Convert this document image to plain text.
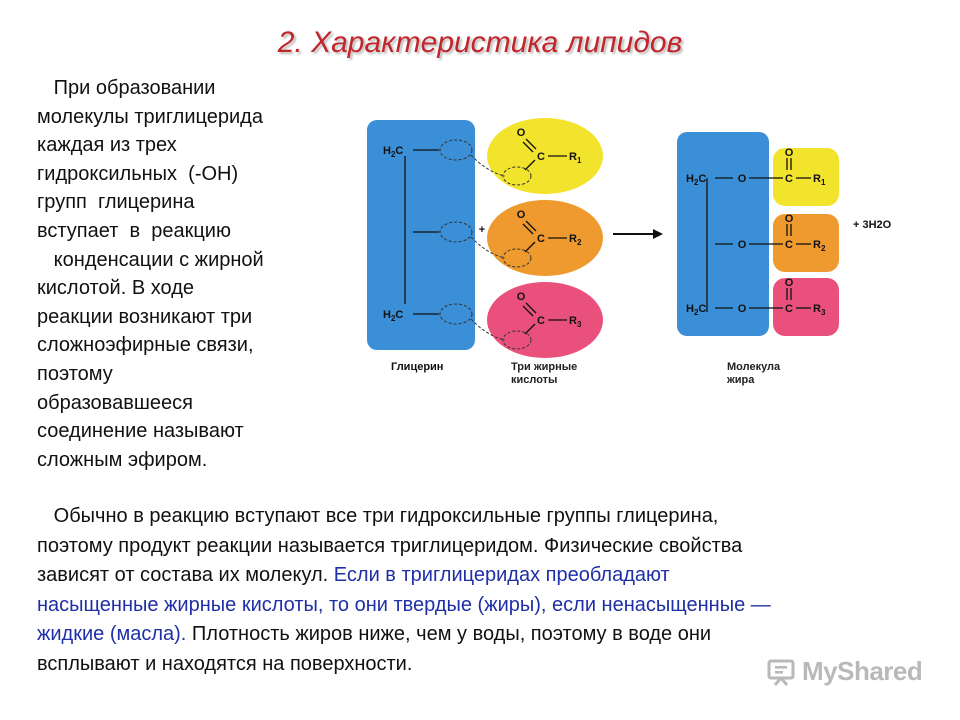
2. Характеристика липидов

При образовании
молекулы триглицерида
каждая из трех
гидроксильных  (-ОН)
групп  глицерина
вступает  в  реакцию
конденсации с жирной
кислотой. В ходе
реакции возникают три
сложноэфирные связи,
поэтому
образовавшееся
соединение называют
сложным эфиром.

$H_2C$
$H_2C$
O
C $R_1$
O
C $R_2$
O
C $R_3$
+
$H_2C$	O	C
O
$R_1$
O	C
O
$R_2$
$H_2C$	O	C
O
$R_3$
+ 3H2O
Глицерин	Три жирные кислоты
Молекула жира

Обычно в реакцию вступают все три гидроксильные группы глицерина,
поэтому продукт реакции называется триглицеридом. Физические свойства
зависят от состава их молекул. Если в триглицеридах преобладают
насыщенные жирные кислоты, то они твердые (жиры), если ненасыщенные —
жидкие (масла). Плотность жиров ниже, чем у воды, поэтому в воде они
всплывают и находятся на поверхности.	MyShared
